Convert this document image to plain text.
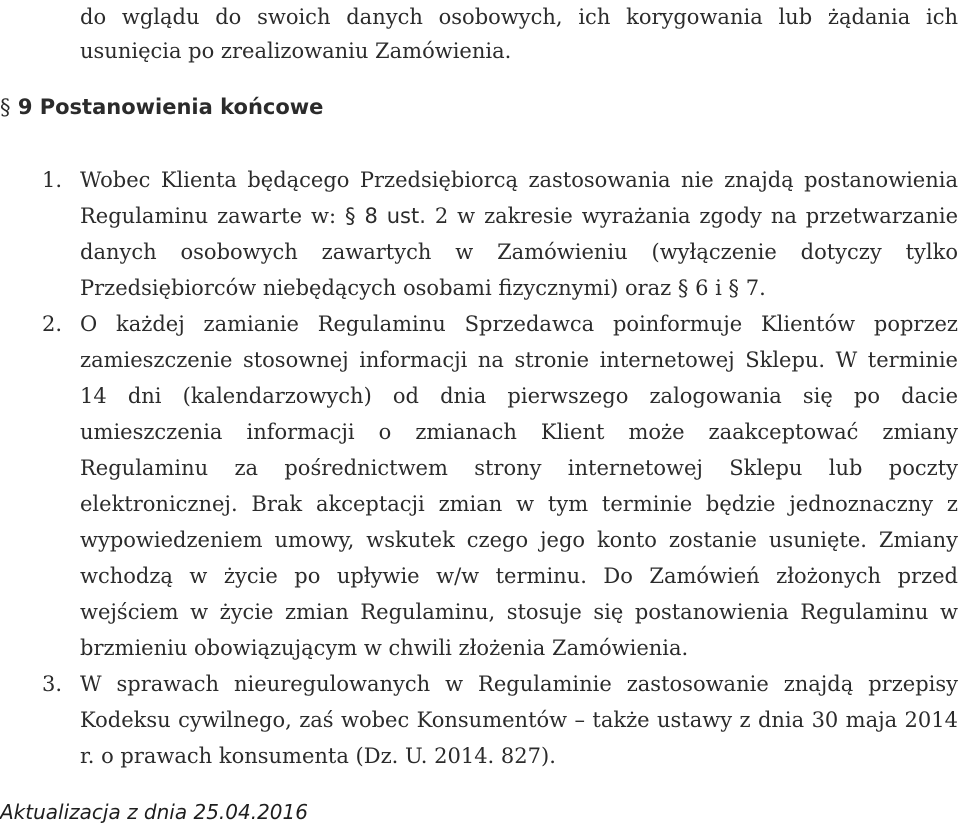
do wglądu do swoich danych osobowych, ich korygowania lub żądania ich usunięcia po zrealizowaniu Zamówienia.

§ 9 Postanowienia końcowe
1. Wobec Klienta będącego Przedsiębiorcą zastosowania nie znajdą postanowienia Regulaminu zawarte w: § 8 ust. 2 w zakresie wyrażania zgody na przetwarzanie danych osobowych zawartych w Zamówieniu (wyłączenie dotyczy tylko Przedsiębiorców niebędących osobami fizycznymi) oraz § 6 i § 7.
2. O każdej zamianie Regulaminu Sprzedawca poinformuje Klientów poprzez zamieszczenie stosownej informacji na stronie internetowej Sklepu. W terminie 14 dni (kalendarzowych) od dnia pierwszego zalogowania się po dacie umieszczenia informacji o zmianach Klient może zaakceptować zmiany Regulaminu za pośrednictwem strony internetowej Sklepu lub poczty elektronicznej. Brak akceptacji zmian w tym terminie będzie jednoznaczny z wypowiedzeniem umowy, wskutek czego jego konto zostanie usunięte. Zmiany wchodzą w życie po upływie w/w terminu. Do Zamówień złożonych przed wejściem w życie zmian Regulaminu, stosuje się postanowienia Regulaminu w brzmieniu obowiązującym w chwili złożenia Zamówienia.
3. W sprawach nieuregulowanych w Regulaminie zastosowanie znajdą przepisy Kodeksu cywilnego, zaś wobec Konsumentów – także ustawy z dnia 30 maja 2014 r. o prawach konsumenta (Dz. U. 2014. 827).

Aktualizacja z dnia 25.04.2016
